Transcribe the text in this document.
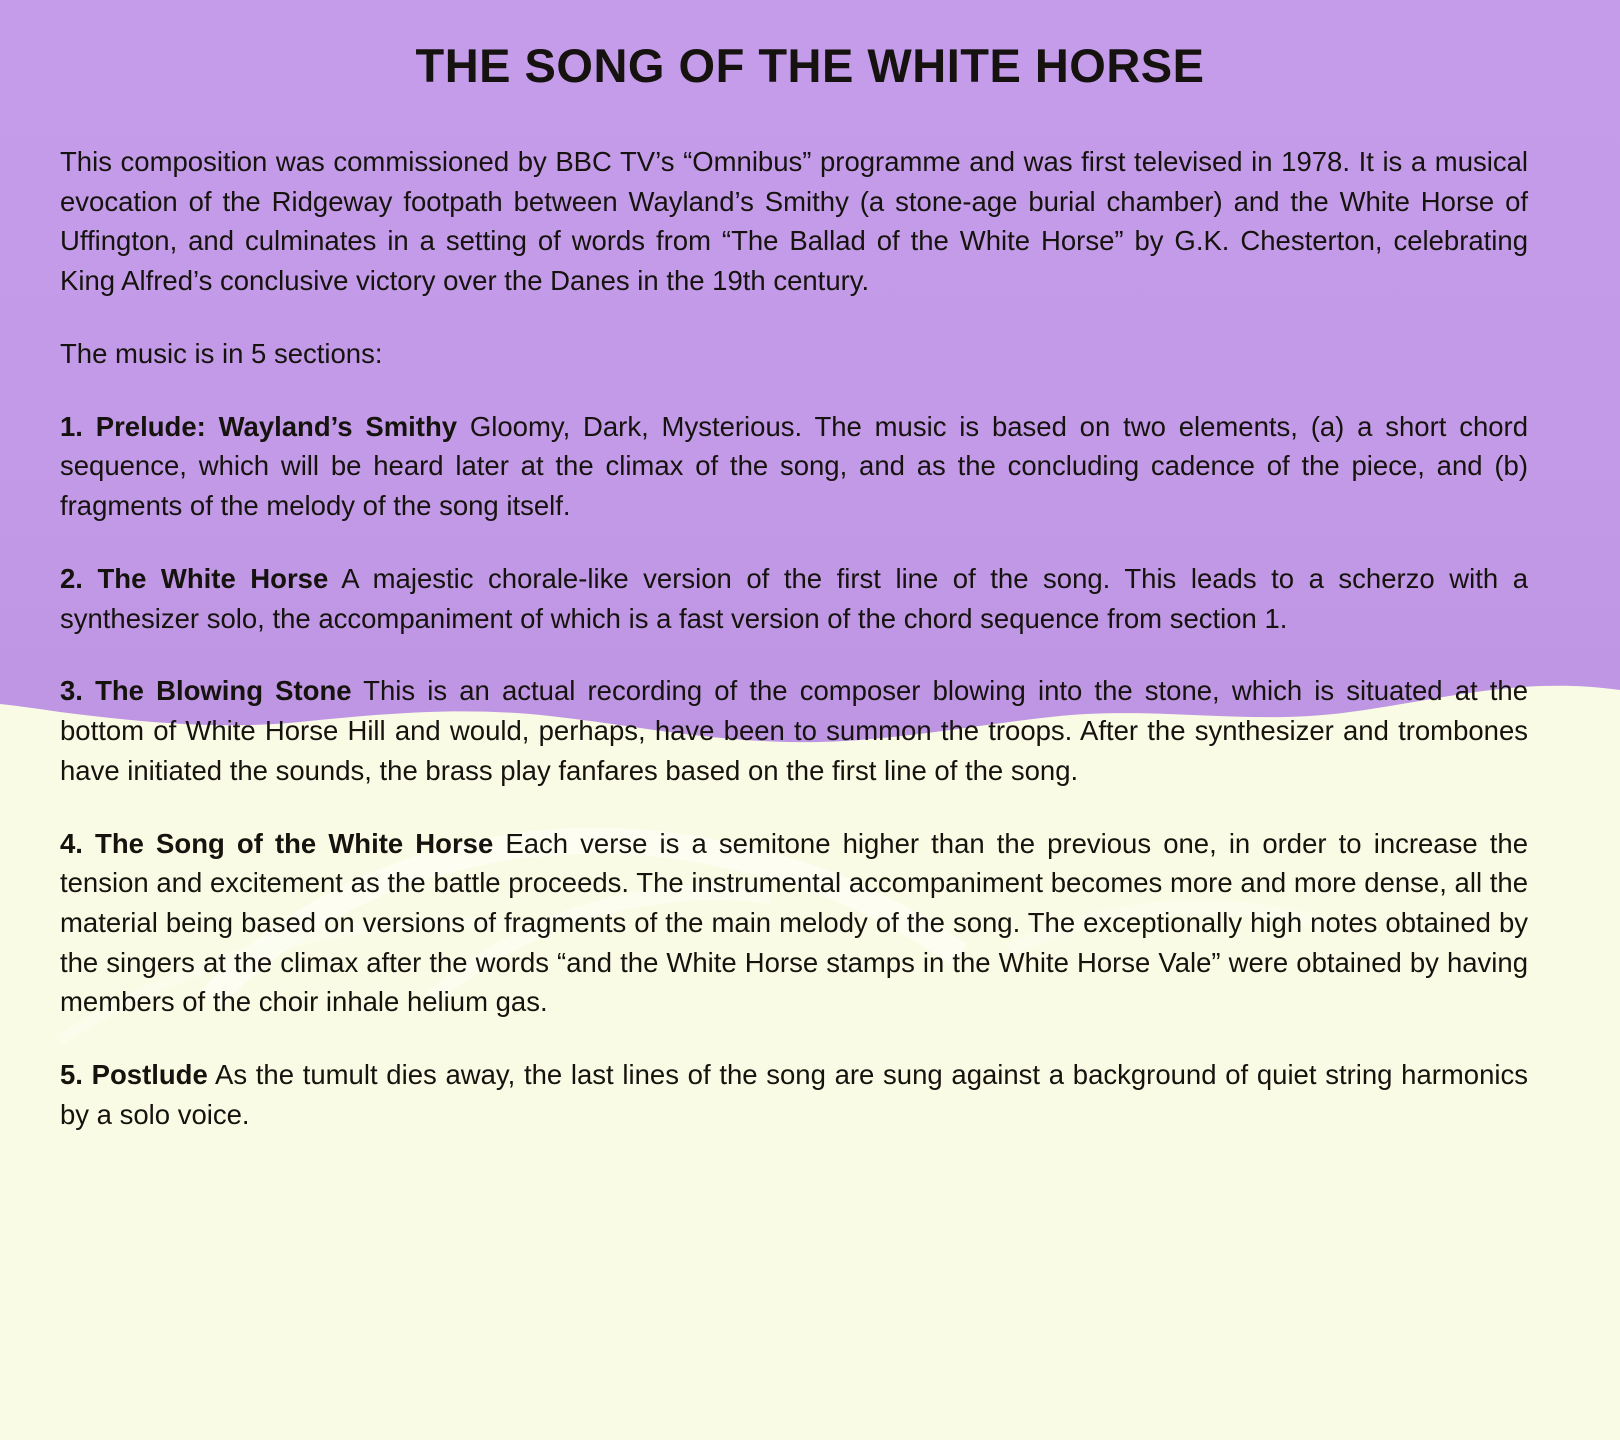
THE SONG OF THE WHITE HORSE

This composition was commissioned by BBC TV’s “Omnibus” programme and was first televised in 1978. It is a musical evocation of the Ridgeway footpath between Wayland’s Smithy (a stone-age burial chamber) and the White Horse of Uffington, and culminates in a setting of words from “The Ballad of the White Horse” by G.K. Chesterton, celebrating King Alfred’s conclusive victory over the Danes in the 19th century.

The music is in 5 sections:

1. Prelude: Wayland’s Smithy Gloomy, Dark, Mysterious. The music is based on two elements, (a) a short chord sequence, which will be heard later at the climax of the song, and as the concluding cadence of the piece, and (b) fragments of the melody of the song itself.

2. The White Horse A majestic chorale-like version of the first line of the song. This leads to a scherzo with a synthesizer solo, the accompaniment of which is a fast version of the chord sequence from section 1.

3. The Blowing Stone This is an actual recording of the composer blowing into the stone, which is situated at the bottom of White Horse Hill and would, perhaps, have been to summon the troops. After the synthesizer and trombones have initiated the sounds, the brass play fanfares based on the first line of the song.

4. The Song of the White Horse Each verse is a semitone higher than the previous one, in order to increase the tension and excitement as the battle proceeds. The instrumental accompaniment becomes more and more dense, all the material being based on versions of fragments of the main melody of the song. The exceptionally high notes obtained by the singers at the climax after the words “and the White Horse stamps in the White Horse Vale” were obtained by having members of the choir inhale helium gas.

5. Postlude As the tumult dies away, the last lines of the song are sung against a background of quiet string harmonics by a solo voice.
